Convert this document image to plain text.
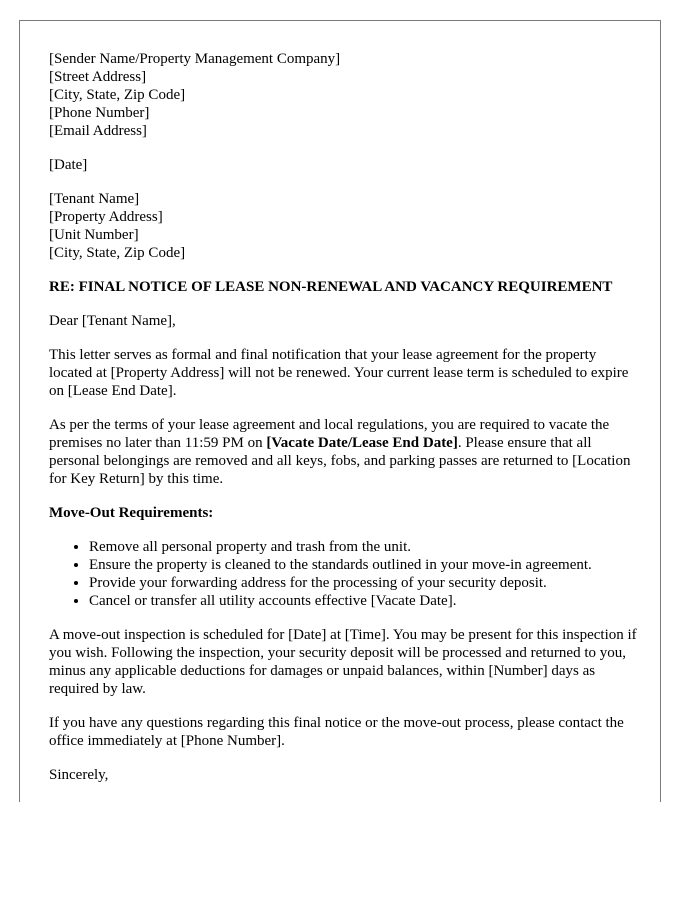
[Sender Name/Property Management Company]
[Street Address]
[City, State, Zip Code]
[Phone Number]
[Email Address]

[Date]

[Tenant Name]
[Property Address]
[Unit Number]
[City, State, Zip Code]

RE: FINAL NOTICE OF LEASE NON-RENEWAL AND VACANCY REQUIREMENT

Dear [Tenant Name],

This letter serves as formal and final notification that your lease agreement for the property located at [Property Address] will not be renewed. Your current lease term is scheduled to expire on [Lease End Date].

As per the terms of your lease agreement and local regulations, you are required to vacate the premises no later than 11:59 PM on [Vacate Date/Lease End Date]. Please ensure that all personal belongings are removed and all keys, fobs, and parking passes are returned to [Location for Key Return] by this time.

Move-Out Requirements:

• Remove all personal property and trash from the unit.
• Ensure the property is cleaned to the standards outlined in your move-in agreement.
• Provide your forwarding address for the processing of your security deposit.
• Cancel or transfer all utility accounts effective [Vacate Date].

A move-out inspection is scheduled for [Date] at [Time]. You may be present for this inspection if you wish. Following the inspection, your security deposit will be processed and returned to you, minus any applicable deductions for damages or unpaid balances, within [Number] days as required by law.

If you have any questions regarding this final notice or the move-out process, please contact the office immediately at [Phone Number].

Sincerely,
